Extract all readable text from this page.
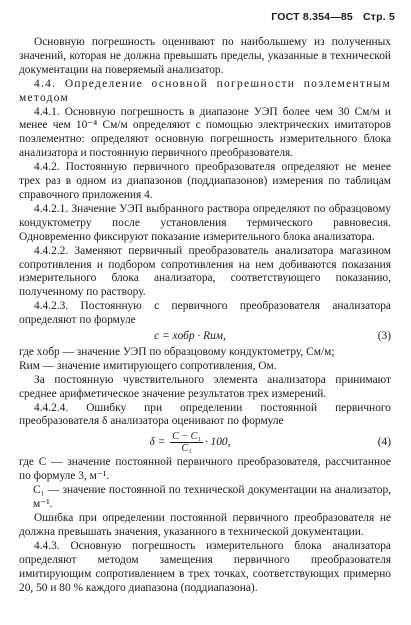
ГОСТ 8.354—85 Стр. 5

Основную погрешность оценивают по наибольшему из полученных значений, которая не должна превышать пределы, указанные в технической документации на поверяемый анализатор.

4.4. Определение основной погрешности поэлементным методом

4.4.1. Основную погрешность в диапазоне УЭП более чем 30 См/м и менее чем 10⁻⁴ См/м определяют с помощью электрических имитаторов поэлементно: определяют основную погрешность измерительного блока анализатора и постоянную первичного преобразователя.

4.4.2. Постоянную первичного преобразователя определяют не менее трех раз в одном из диапазонов (поддиапазонов) измерения по таблицам справочного приложения 4.

4.4.2.1. Значение УЭП выбранного раствора определяют по образцовому кондуктометру после установления термического равновесия. Одновременно фиксируют показание измерительного блока анализатора.

4.4.2.2. Заменяют первичный преобразователь анализатора магазином сопротивления и подбором сопротивления на нем добиваются показания измерительного блока анализатора, соответствующего показанию, полученному по раствору.

4.4.2.3. Постоянную c первичного преобразователя анализатора определяют по формуле

c = xобр · Rим,	(3)

где xобр — значение УЭП по образцовому кондуктометру, См/м;

Rим — значение имитирующего сопротивления, Ом.

За постоянную чувствительного элемента анализатора принимают среднее арифметическое значение результатов трех измерений.

4.4.2.4. Ошибку при определении постоянной первичного преобразователя δ анализатора оценивают по формуле

$\delta = \frac{\text{C − C₁}}{\text{C₁}} \cdot 100$,	(4)

где C — значение постоянной первичного преобразователя, рассчитанное по формуле 3, м⁻¹.

C₁ — значение постоянной по технической документации на анализатор, м⁻¹.

Ошибка при определении постоянной первичного преобразователя не должна превышать значения, указанного в технической документации.

4.4.3. Основную погрешность измерительного блока анализатора определяют методом замещения первичного преобразователя имитирующим сопротивлением в трех точках, соответствующих примерно 20, 50 и 80 % каждого диапазона (поддиапазона).
